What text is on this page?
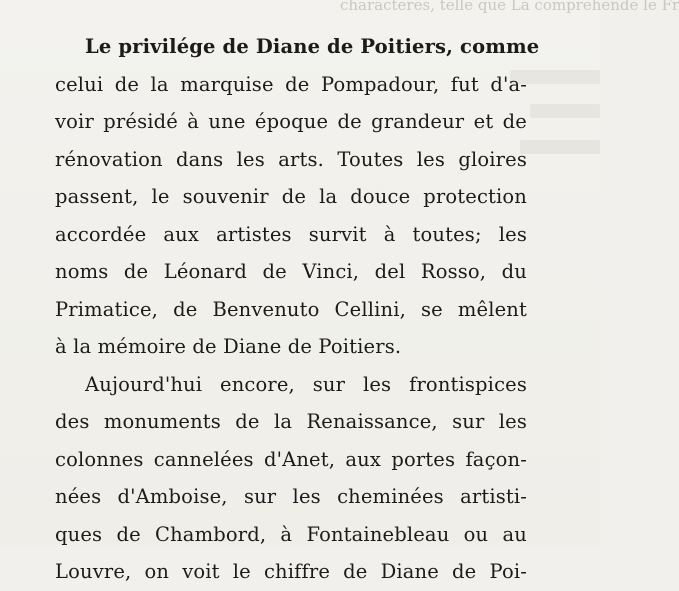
characteres, telle que La comprehende le Fr
Le privilége de Diane de Poitiers, comme
celui de la marquise de Pompadour, fut d'a-
voir présidé à une époque de grandeur et de
rénovation dans les arts. Toutes les gloires
passent, le souvenir de la douce protection
accordée aux artistes survit à toutes; les
noms de Léonard de Vinci, del Rosso, du
Primatice, de Benvenuto Cellini, se mêlent
à la mémoire de Diane de Poitiers.
Aujourd'hui encore, sur les frontispices
des monuments de la Renaissance, sur les
colonnes cannelées d'Anet, aux portes façon-
nées d'Amboise, sur les cheminées artisti-
ques de Chambord, à Fontainebleau ou au
Louvre, on voit le chiffre de Diane de Poi-
